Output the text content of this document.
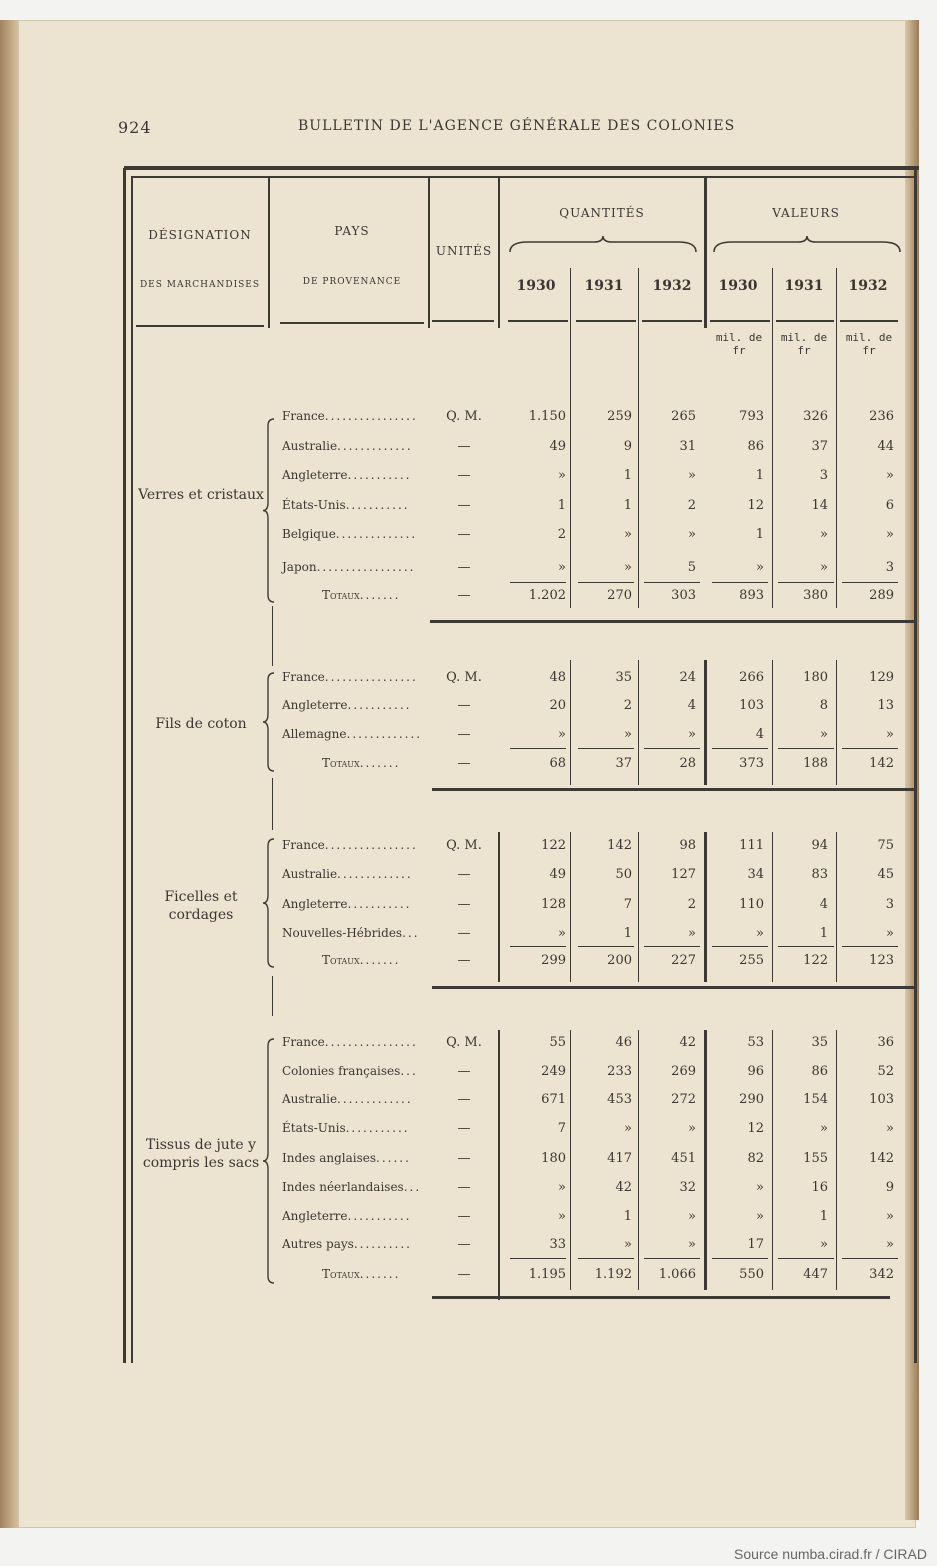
924	BULLETIN DE L'AGENCE GÉNÉRALE DES COLONIES
DÉSIGNATION
DES MARCHANDISES
PAYS
DE PROVENANCE
UNITÉS
QUANTITÉS	VALEURS
1930	1931	1932	1930	1931	1932
mil. de fr
mil. de fr
mil. de fr
Verres et cristaux
France................	Q. M.	1.150	259	265	793	326	236
Australie.............	—	49	9	31	86	37	44
Angleterre...........	—	»	1	»	1	3	»
États-Unis...........	—	1	1	2	12	14	6
Belgique..............	—	2	»	»	1	»	»
Japon.................	—	»	»	5	»	»	3
Totaux.......	—	1.202	270	303	893	380	289
Fils de coton
France................	Q. M.	48	35	24	266	180	129
Angleterre...........	—	20	2	4	103	8	13
Allemagne.............	—	»	»	»	4	»	»
Totaux.......	—	68	37	28	373	188	142
Ficelles et cordages
France................	Q. M.	122	142	98	111	94	75
Australie.............	—	49	50	127	34	83	45
Angleterre...........	—	128	7	2	110	4	3
Nouvelles-Hébrides...	—	»	1	»	»	1	»
Totaux.......	—	299	200	227	255	122	123
Tissus de jute y compris les sacs
France................	Q. M.	55	46	42	53	35	36
Colonies françaises...	—	249	233	269	96	86	52
Australie.............	—	671	453	272	290	154	103
États-Unis...........	—	7	»	»	12	»	»
Indes anglaises......	—	180	417	451	82	155	142
Indes néerlandaises...	—	»	42	32	»	16	9
Angleterre...........	—	»	1	»	»	1	»
Autres pays..........	—	33	»	»	17	»	»
Totaux.......	—	1.195	1.192	1.066	550	447	342
Source numba.cirad.fr / CIRAD
